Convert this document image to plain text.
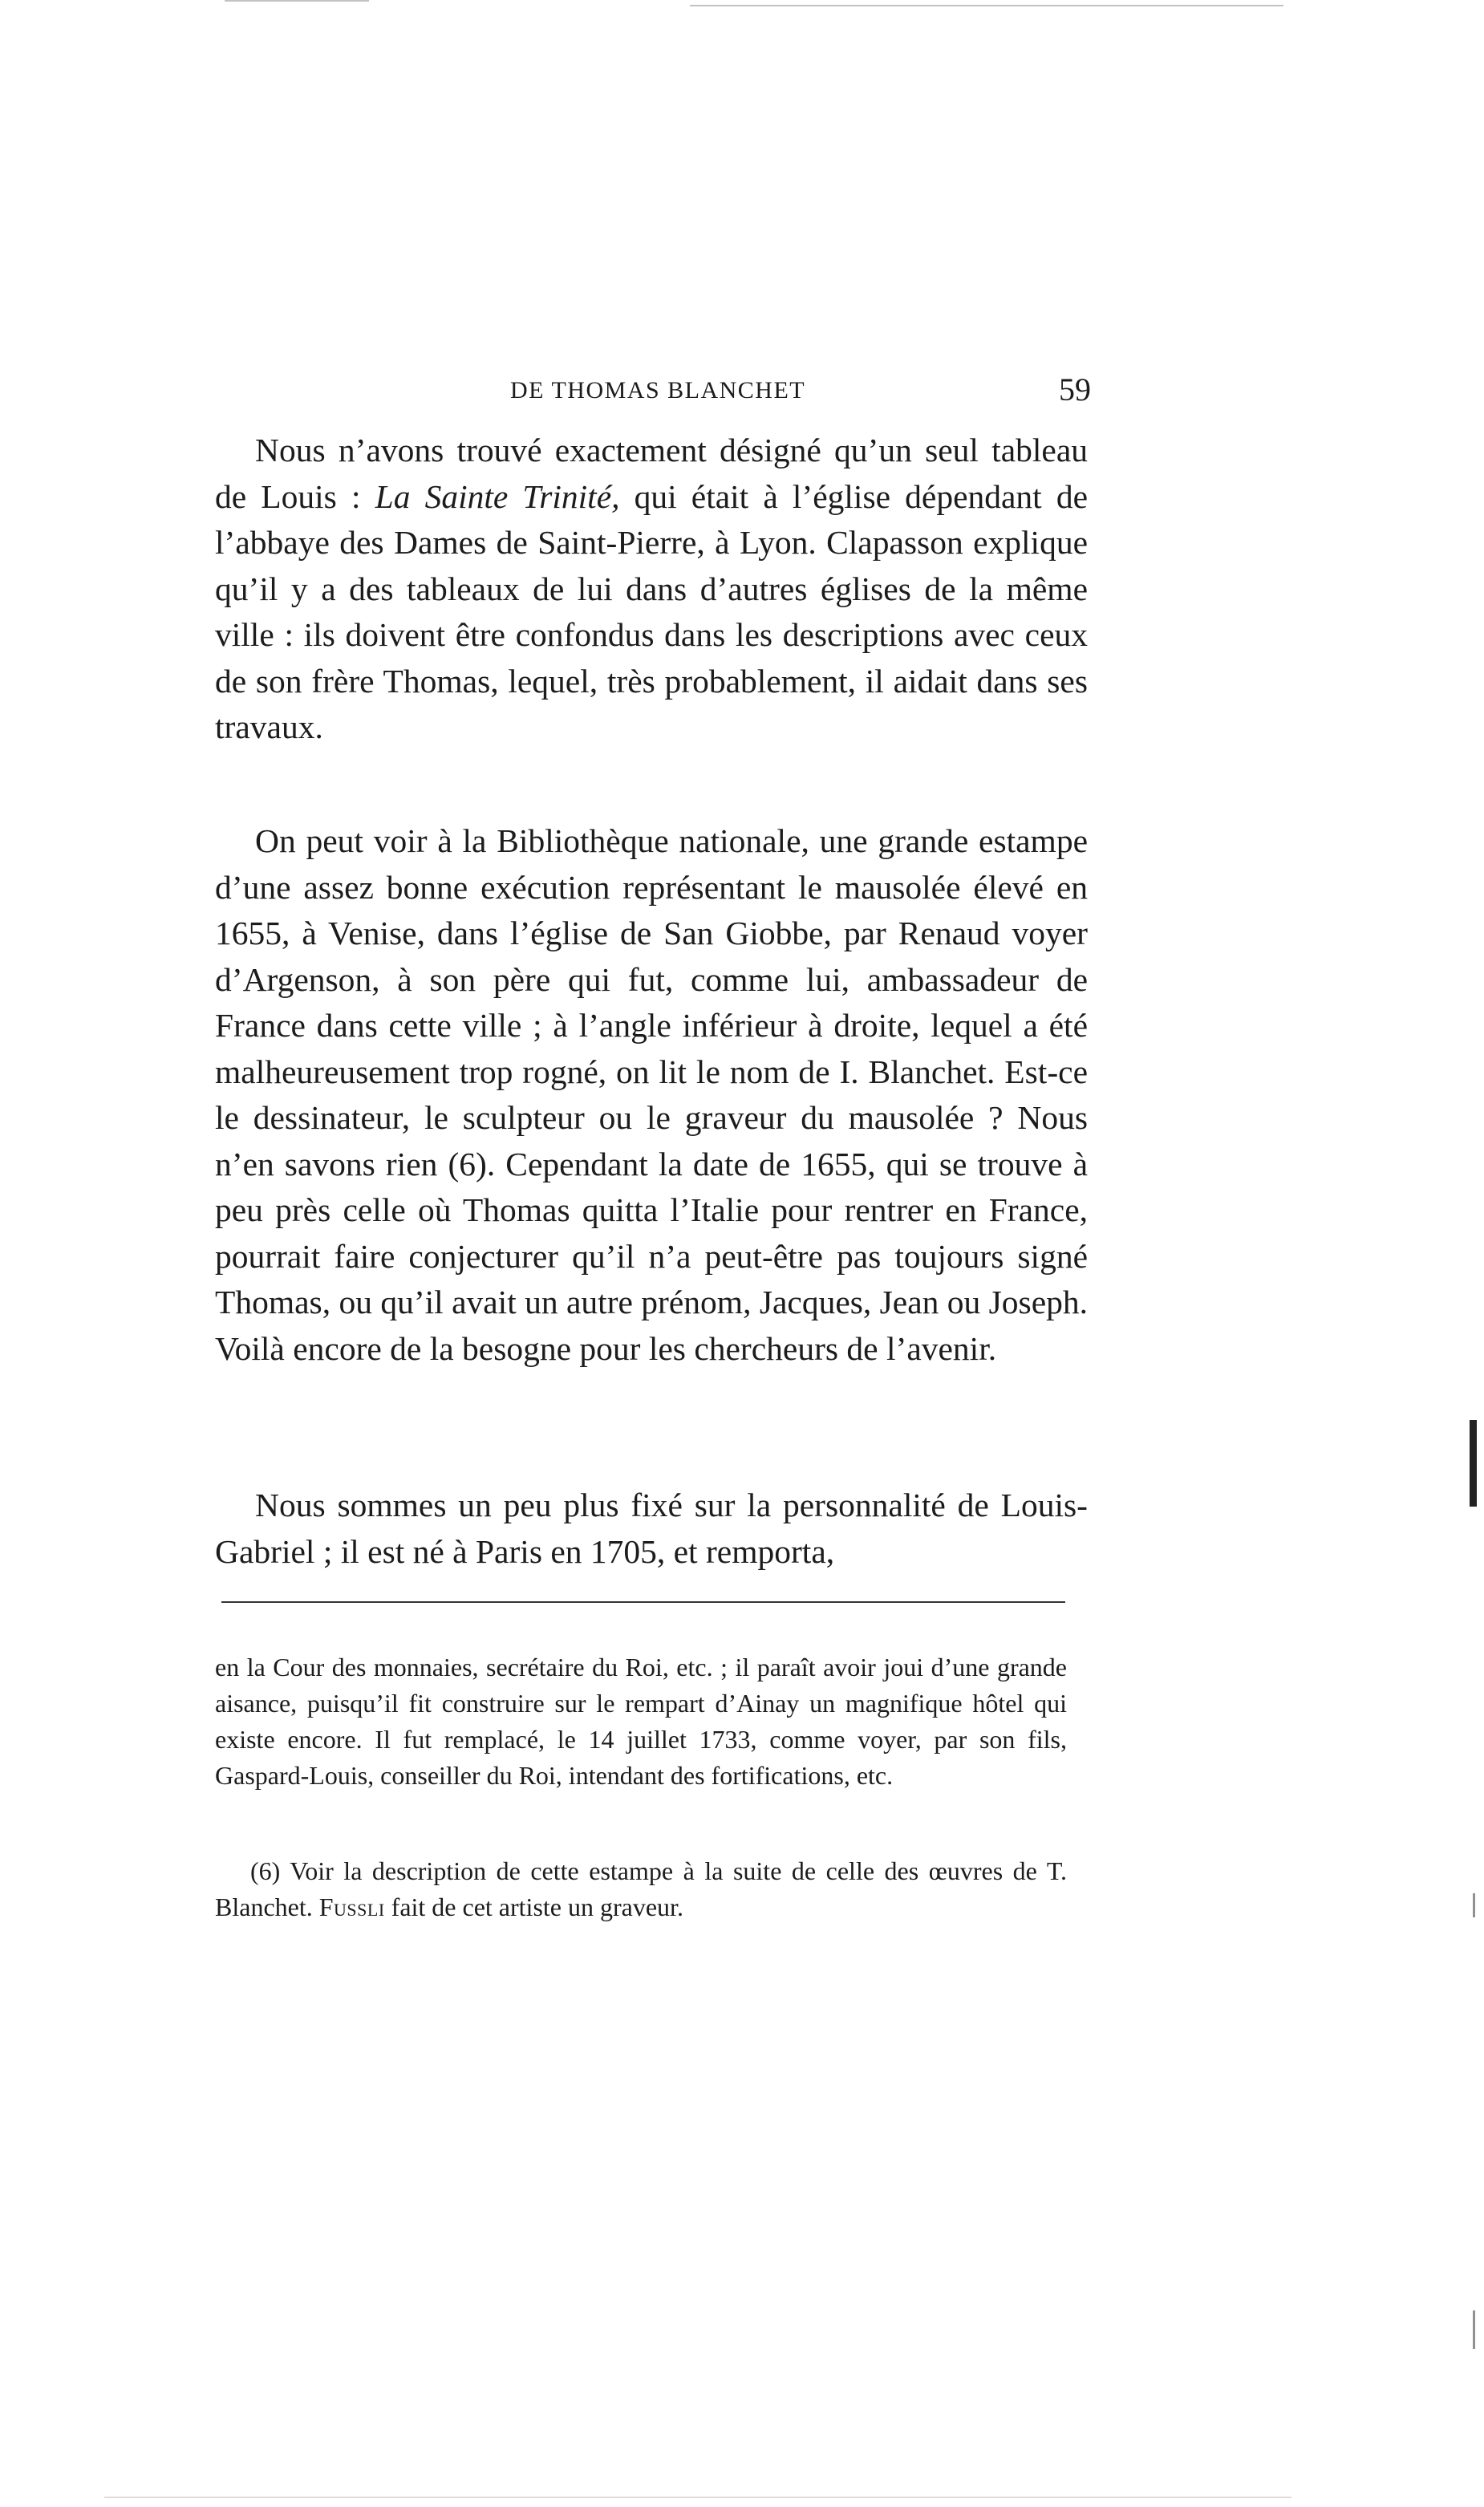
DE THOMAS BLANCHET	59

Nous n’avons trouvé exactement désigné qu’un seul tableau de Louis : La Sainte Trinité, qui était à l’église dépendant de l’abbaye des Dames de Saint-Pierre, à Lyon. Clapasson explique qu’il y a des tableaux de lui dans d’autres églises de la même ville : ils doivent être confondus dans les descriptions avec ceux de son frère Thomas, lequel, très probablement, il aidait dans ses travaux.

On peut voir à la Bibliothèque nationale, une grande estampe d’une assez bonne exécution représentant le mausolée élevé en 1655, à Venise, dans l’église de San Giobbe, par Renaud voyer d’Argenson, à son père qui fut, comme lui, ambassadeur de France dans cette ville ; à l’angle inférieur à droite, lequel a été malheureusement trop rogné, on lit le nom de I. Blanchet. Est-ce le dessinateur, le sculpteur ou le graveur du mausolée ? Nous n’en savons rien (6). Cependant la date de 1655, qui se trouve à peu près celle où Thomas quitta l’Italie pour rentrer en France, pourrait faire conjecturer qu’il n’a peut-être pas toujours signé Thomas, ou qu’il avait un autre prénom, Jacques, Jean ou Joseph. Voilà encore de la besogne pour les chercheurs de l’avenir.

Nous sommes un peu plus fixé sur la personnalité de Louis-Gabriel ; il est né à Paris en 1705, et remporta,

en la Cour des monnaies, secrétaire du Roi, etc. ; il paraît avoir joui d’une grande aisance, puisqu’il fit construire sur le rempart d’Ainay un magnifique hôtel qui existe encore. Il fut remplacé, le 14 juillet 1733, comme voyer, par son fils, Gaspard-Louis, conseiller du Roi, intendant des fortifications, etc.

(6) Voir la description de cette estampe à la suite de celle des œuvres de T. Blanchet. Fussli fait de cet artiste un graveur.
